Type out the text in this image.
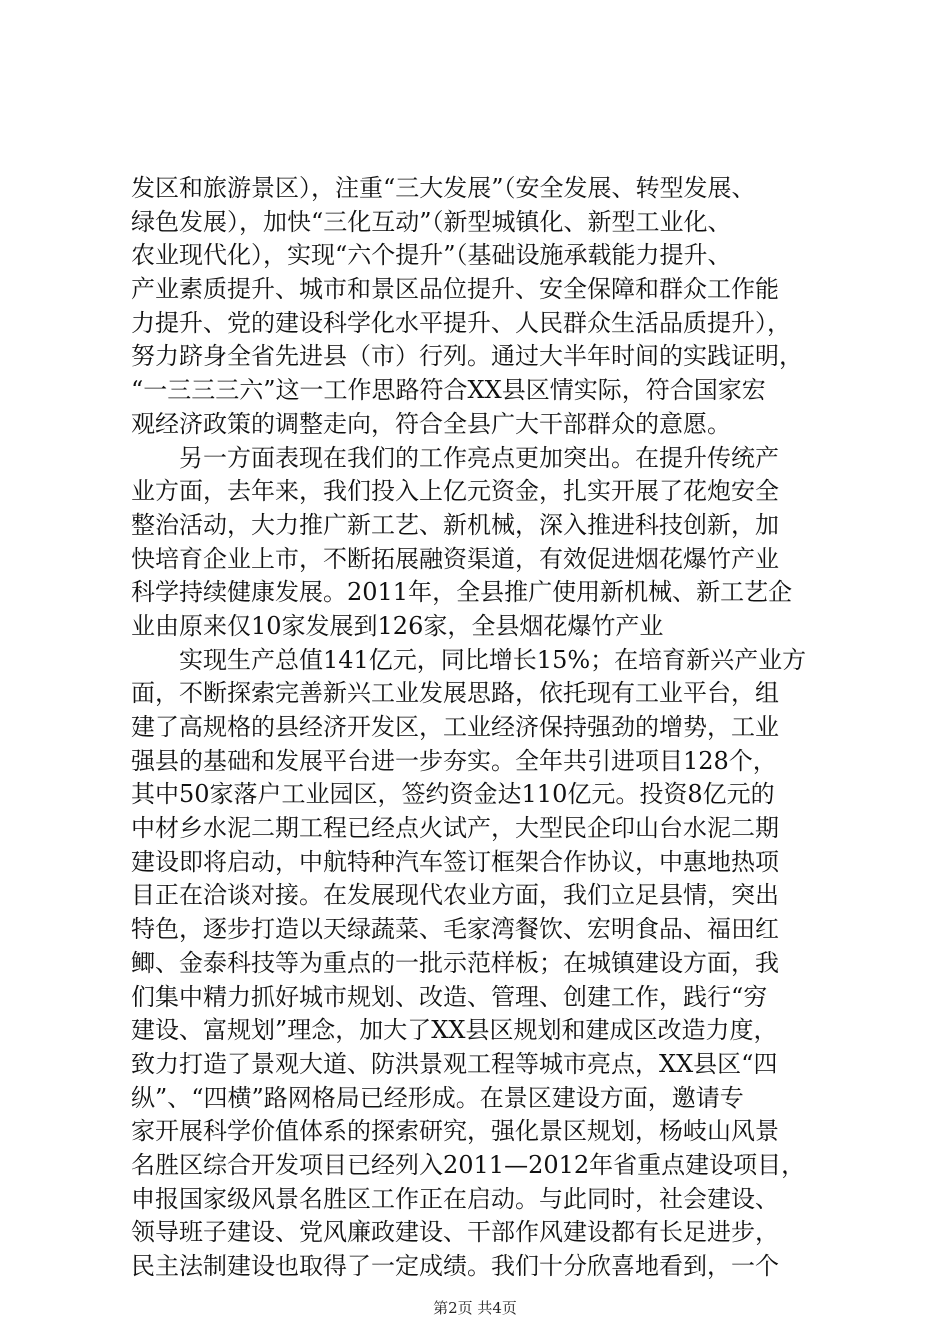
发区和旅游景区），注重“三大发展”（安全发展、转型发展、
绿色发展），加快“三化互动”（新型城镇化、新型工业化、
农业现代化），实现“六个提升”（基础设施承载能力提升、
产业素质提升、城市和景区品位提升、安全保障和群众工作能
力提升、党的建设科学化水平提升、人民群众生活品质提升），
努力跻身全省先进县（市）行列。通过大半年时间的实践证明，
“一三三三六”这一工作思路符合XX县区情实际，符合国家宏
观经济政策的调整走向，符合全县广大干部群众的意愿。
　　另一方面表现在我们的工作亮点更加突出。在提升传统产
业方面，去年来，我们投入上亿元资金，扎实开展了花炮安全
整治活动，大力推广新工艺、新机械，深入推进科技创新，加
快培育企业上市，不断拓展融资渠道，有效促进烟花爆竹产业
科学持续健康发展。2011年，全县推广使用新机械、新工艺企
业由原来仅10家发展到126家，全县烟花爆竹产业
　　实现生产总值141亿元，同比增长15%；在培育新兴产业方
面，不断探索完善新兴工业发展思路，依托现有工业平台，组
建了高规格的县经济开发区，工业经济保持强劲的增势，工业
强县的基础和发展平台进一步夯实。全年共引进项目128个，
其中50家落户工业园区，签约资金达110亿元。投资8亿元的
中材乡水泥二期工程已经点火试产，大型民企印山台水泥二期
建设即将启动，中航特种汽车签订框架合作协议，中惠地热项
目正在洽谈对接。在发展现代农业方面，我们立足县情，突出
特色，逐步打造以天绿蔬菜、毛家湾餐饮、宏明食品、福田红
鲫、金泰科技等为重点的一批示范样板；在城镇建设方面，我
们集中精力抓好城市规划、改造、管理、创建工作，践行“穷
建设、富规划”理念，加大了XX县区规划和建成区改造力度，
致力打造了景观大道、防洪景观工程等城市亮点，XX县区“四
纵”、“四横”路网格局已经形成。在景区建设方面，邀请专
家开展科学价值体系的探索研究，强化景区规划，杨岐山风景
名胜区综合开发项目已经列入2011—2012年省重点建设项目，
申报国家级风景名胜区工作正在启动。与此同时，社会建设、
领导班子建设、党风廉政建设、干部作风建设都有长足进步，
民主法制建设也取得了一定成绩。我们十分欣喜地看到，一个
第2页 共4页
